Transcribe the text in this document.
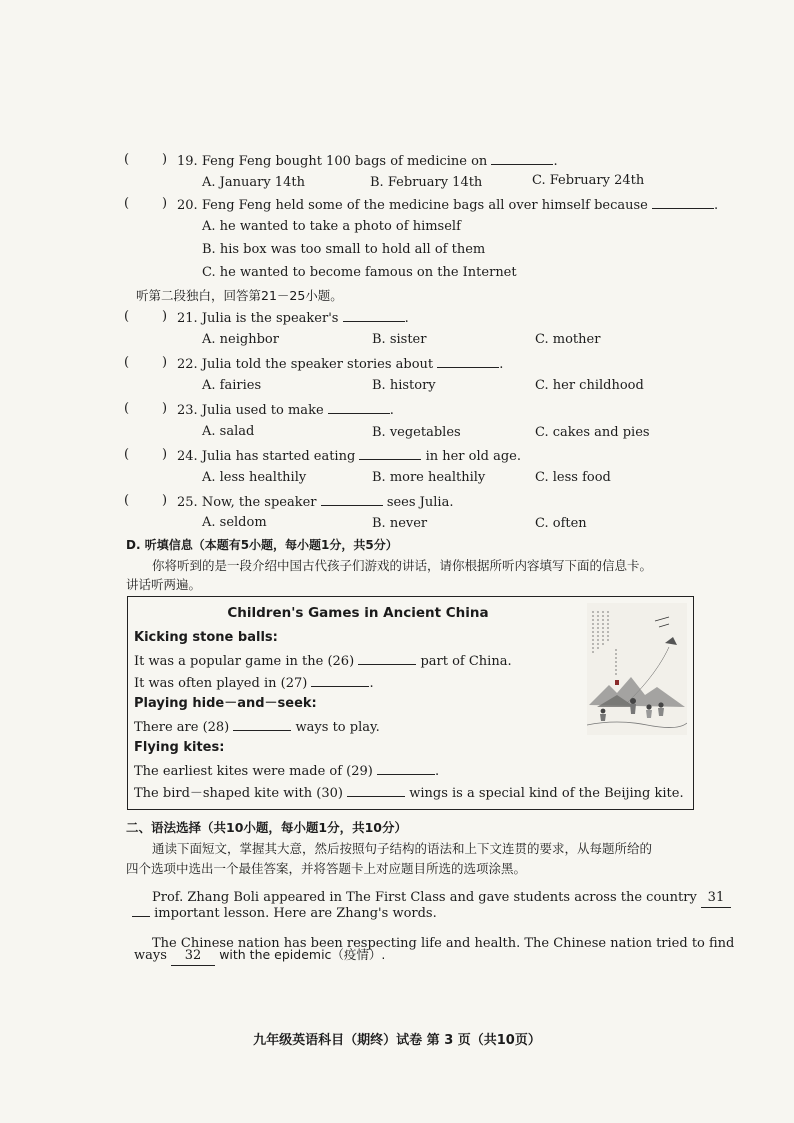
(	) 19. Feng Feng bought 100 bags of medicine on	.
A. January 14th	B. February 14th	C. February 24th
(	) 20. Feng Feng held some of the medicine bags all over himself because	.
A. he wanted to take a photo of himself
B. his box was too small to hold all of them
C. he wanted to become famous on the Internet
听第二段独白，回答第21－25小题。
(	) 21. Julia is the speaker's	.
A. neighbor	B. sister	C. mother
(	) 22. Julia told the speaker stories about	.
A. fairies	B. history	C. her childhood
(	) 23. Julia used to make	.
A. salad	B. vegetables	C. cakes and pies
(	) 24. Julia has started eating	in her old age.
A. less healthily	B. more healthily	C. less food
(	) 25. Now, the speaker	sees Julia.
A. seldom	B. never	C. often
D. 听填信息（本题有5小题，每小题1分，共5分）
你将听到的是一段介绍中国古代孩子们游戏的讲话，请你根据所听内容填写下面的信息卡。
讲话听两遍。
Children's Games in Ancient China
Kicking stone balls:
It was a popular game in the (26)	part of China.
It was often played in (27)	.
Playing hide－and－seek:
There are (28)	ways to play.
Flying kites:
The earliest kites were made of (29)	.
The bird－shaped kite with (30)	wings is a special kind of the Beijing kite.
二、语法选择（共10小题，每小题1分，共10分）
通读下面短文，掌握其大意，然后按照句子结构的语法和上下文连贯的要求，从每题所给的
四个选项中选出一个最佳答案，并将答题卡上对应题目所选的选项涂黑。
Prof. Zhang Boli appeared in The First Class and gave students across the country 31
important lesson. Here are Zhang's words.
The Chinese nation has been respecting life and health. The Chinese nation tried to find
ways 32 with the epidemic（疫情）.
九年级英语科目（期终）试卷 第 3 页（共10页）
